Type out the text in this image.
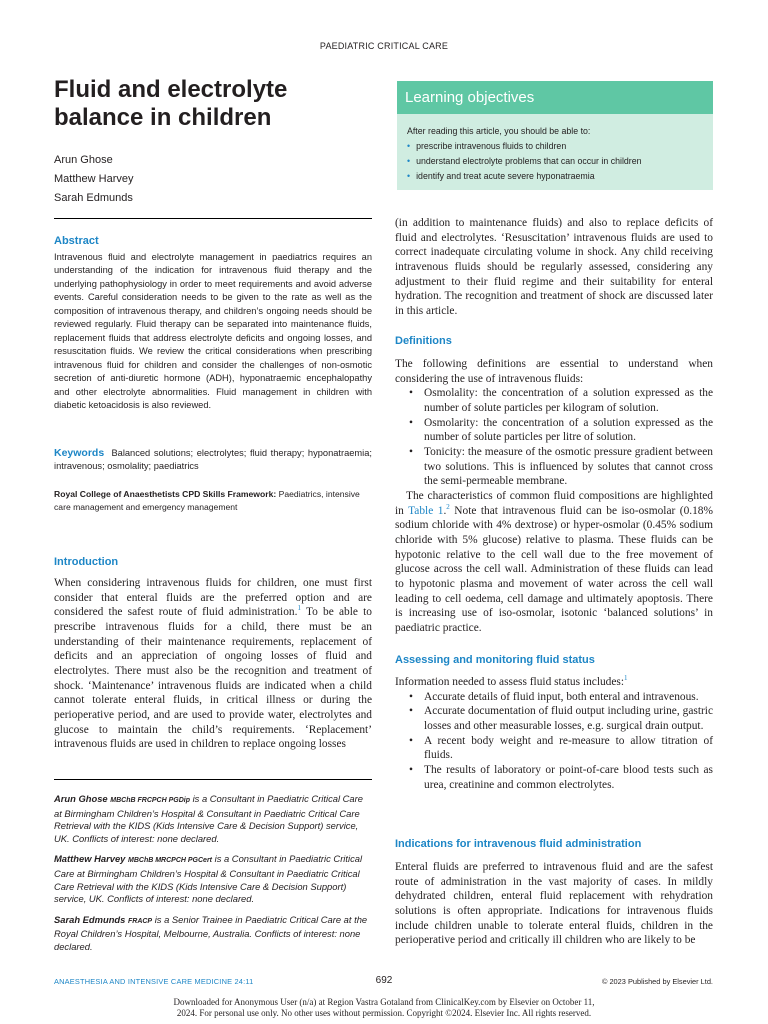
PAEDIATRIC CRITICAL CARE
Fluid and electrolyte
balance in children
Arun Ghose
Matthew Harvey
Sarah Edmunds
Learning objectives
After reading this article, you should be able to:
• prescribe intravenous fluids to children
• understand electrolyte problems that can occur in children
• identify and treat acute severe hyponatraemia
Abstract
Intravenous fluid and electrolyte management in paediatrics requires an understanding of the indication for intravenous fluid therapy and the underlying pathophysiology in order to meet requirements and avoid adverse events. Careful consideration needs to be given to the rate as well as the composition of intravenous therapy, and children’s ongoing needs should be reviewed regularly. Fluid therapy can be separated into maintenance fluids, replacement fluids that address electrolyte deficits and ongoing losses, and resuscitation fluids. We review the critical considerations when prescribing intravenous fluid for children and consider the challenges of non-osmotic secretion of anti-diuretic hormone (ADH), hyponatraemic encephalopathy and other electrolyte abnormalities. Fluid management in children with diabetic ketoacidosis is also reviewed.
Keywords Balanced solutions; electrolytes; fluid therapy; hyponatraemia; intravenous; osmolality; paediatrics
Royal College of Anaesthetists CPD Skills Framework: Paediatrics, intensive care management and emergency management
Introduction

When considering intravenous fluids for children, one must first consider that enteral fluids are the preferred option and are considered the safest route of fluid administration.$^1$ To be able to prescribe intravenous fluids for a child, there must be an understanding of their maintenance requirements, replacement of deficits and an appreciation of ongoing losses of fluid and electrolytes. There must also be the recognition and treatment of shock. ‘Maintenance’ intravenous fluids are indicated when a child cannot tolerate enteral fluids, in critical illness or during the perioperative period, and are used to provide water, electrolytes and glucose to maintain the child’s requirements. ‘Replacement’ intravenous fluids are used in children to replace ongoing losses

Arun Ghose MBChB FRCPCH PGDip is a Consultant in Paediatric Critical Care at Birmingham Children’s Hospital & Consultant in Paediatric Critical Care Retrieval with the KIDS (Kids Intensive Care & Decision Support) service, UK. Conflicts of interest: none declared.

Matthew Harvey MBChB MRCPCH PGCert is a Consultant in Paediatric Critical Care at Birmingham Children’s Hospital & Consultant in Paediatric Critical Care Retrieval with the KIDS (Kids Intensive Care & Decision Support) service, UK. Conflicts of interest: none declared.

Sarah Edmunds FRACP is a Senior Trainee in Paediatric Critical Care at the Royal Children’s Hospital, Melbourne, Australia. Conflicts of interest: none declared.

(in addition to maintenance fluids) and also to replace deficits of fluid and electrolytes. ‘Resuscitation’ intravenous fluids are used to correct inadequate circulating volume in shock. Any child receiving intravenous fluids should be regularly assessed, considering any adjustment to their fluid regime and their suitability for enteral hydration. The recognition and treatment of shock are discussed later in this article.

Definitions

The following definitions are essential to understand when considering the use of intravenous fluids:

• Osmolality: the concentration of a solution expressed as the number of solute particles per kilogram of solution.
• Osmolarity: the concentration of a solution expressed as the number of solute particles per litre of solution.
• Tonicity: the measure of the osmotic pressure gradient between two solutions. This is influenced by solutes that cannot cross the semi-permeable membrane.

The characteristics of common fluid compositions are highlighted in Table 1.$^2$ Note that intravenous fluid can be iso-osmolar (0.18% sodium chloride with 4% dextrose) or hyper-osmolar (0.45% sodium chloride with 5% glucose) relative to plasma. These fluids can be hypotonic relative to the cell wall due to the free movement of glucose across the cell wall. Administration of these fluids can lead to hypotonic plasma and movement of water across the cell wall leading to cell oedema, cell damage and ultimately apoptosis. There is increasing use of iso-osmolar, isotonic ‘balanced solutions’ in paediatric practice.

Assessing and monitoring fluid status

Information needed to assess fluid status includes:$^1$

• Accurate details of fluid input, both enteral and intravenous.
• Accurate documentation of fluid output including urine, gastric losses and other measurable losses, e.g. surgical drain output.
• A recent body weight and re-measure to allow titration of fluids.
• The results of laboratory or point-of-care blood tests such as urea, creatinine and common electrolytes.
Indications for intravenous fluid administration

Enteral fluids are preferred to intravenous fluid and are the safest route of administration in the vast majority of cases. In mildly dehydrated children, enteral fluid replacement with rehydration solutions is often appropriate. Indications for intravenous fluids include children unable to tolerate enteral fluids, children in the perioperative period and critically ill children who are likely to be

ANAESTHESIA AND INTENSIVE CARE MEDICINE 24:11	692	© 2023 Published by Elsevier Ltd.
Downloaded for Anonymous User (n/a) at Region Vastra Gotaland from ClinicalKey.com by Elsevier on October 11,
2024. For personal use only. No other uses without permission. Copyright ©2024. Elsevier Inc. All rights reserved.
